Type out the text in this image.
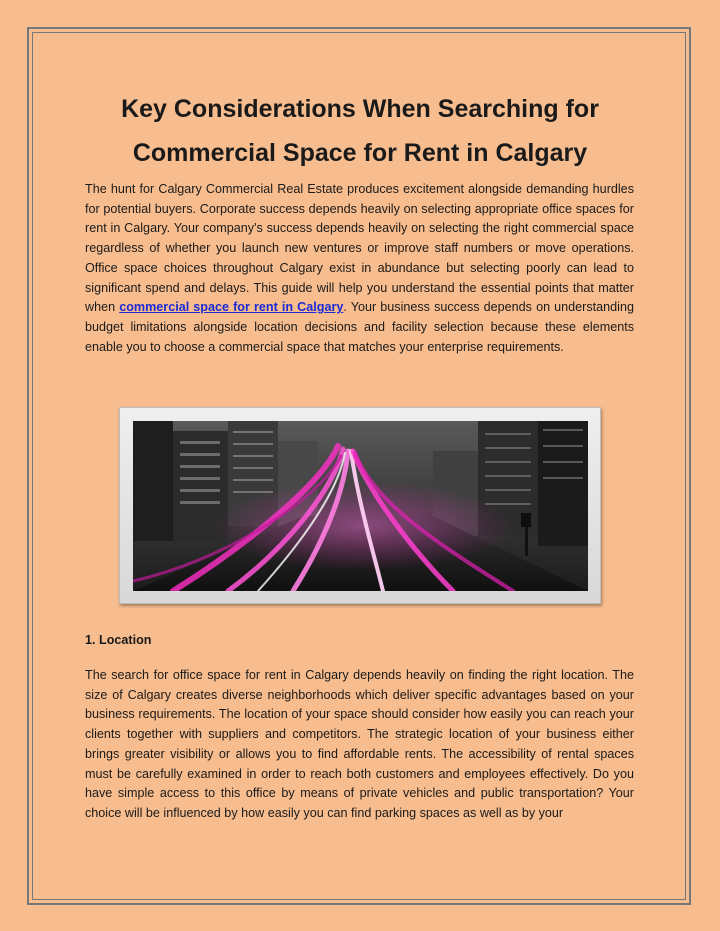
Key Considerations When Searching for
Commercial Space for Rent in Calgary
The hunt for Calgary Commercial Real Estate produces excitement alongside demanding hurdles for potential buyers. Corporate success depends heavily on selecting appropriate office spaces for rent in Calgary. Your company's success depends heavily on selecting the right commercial space regardless of whether you launch new ventures or improve staff numbers or move operations. Office space choices throughout Calgary exist in abundance but selecting poorly can lead to significant spend and delays. This guide will help you understand the essential points that matter when commercial space for rent in Calgary. Your business success depends on understanding budget limitations alongside location decisions and facility selection because these elements enable you to choose a commercial space that matches your enterprise requirements.
1. Location
The search for office space for rent in Calgary depends heavily on finding the right location. The size of Calgary creates diverse neighborhoods which deliver specific advantages based on your business requirements. The location of your space should consider how easily you can reach your clients together with suppliers and competitors. The strategic location of your business either brings greater visibility or allows you to find affordable rents. The accessibility of rental spaces must be carefully examined in order to reach both customers and employees effectively. Do you have simple access to this office by means of private vehicles and public transportation? Your choice will be influenced by how easily you can find parking spaces as well as by your
